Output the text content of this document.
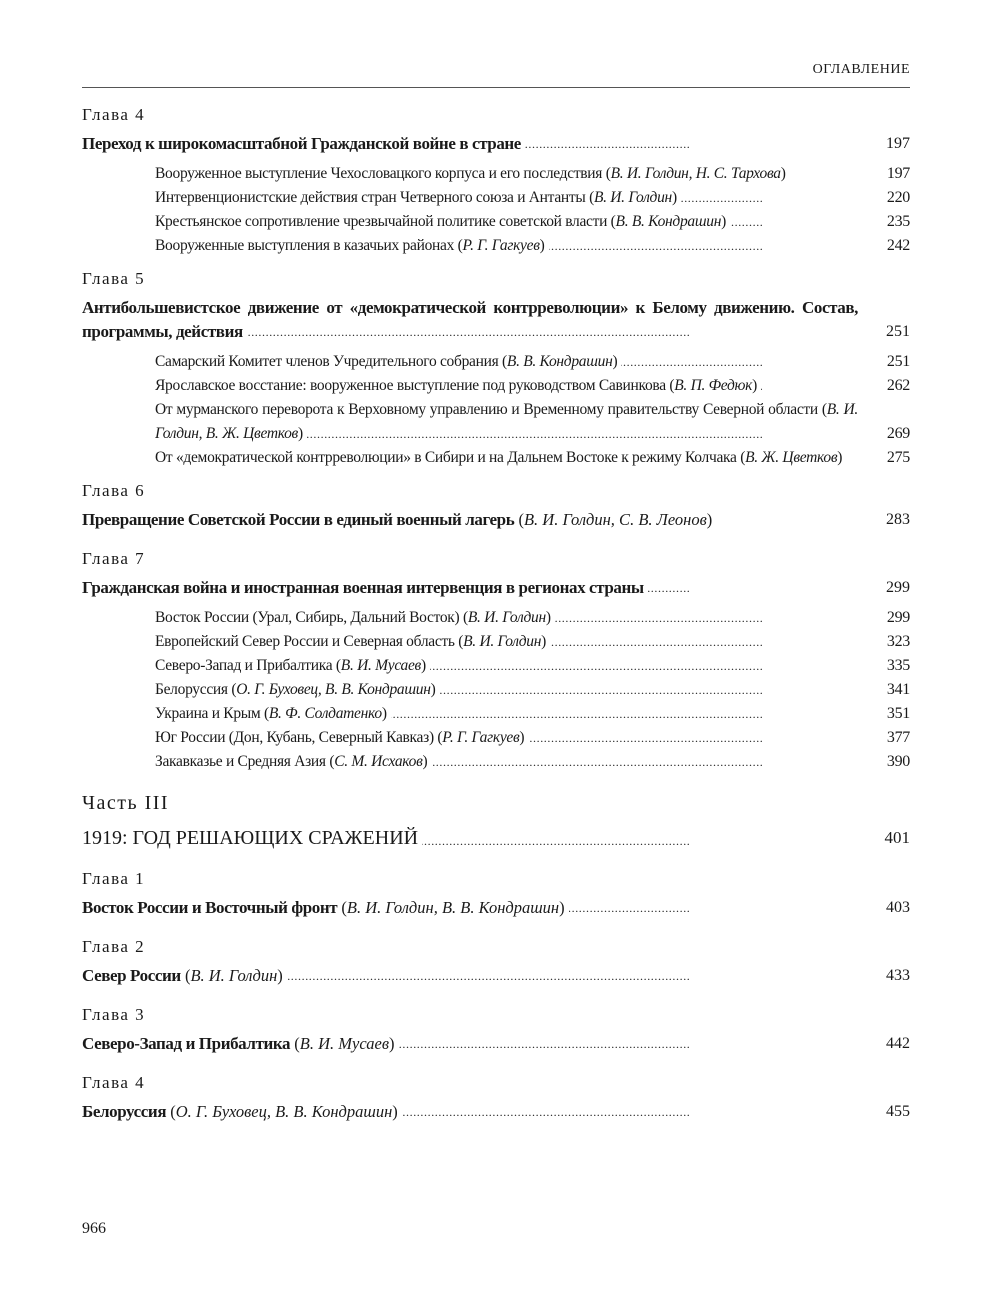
ОГЛАВЛЕНИЕ
Глава 4
. . . Переход к широкомасштабной Гражданской войне в стране	197
. . . Вооруженное выступление Чехословацкого корпуса и его последствия ( В. И. Голдин, Н. С. Тархова )	197
. . . Интервенционистские действия стран Четверного союза и Антанты ( В. И. Голдин )	220
. . . Крестьянское сопротивление чрезвычайной политике советской власти ( В. В. Кондрашин )	235
. . . Вооруженные выступления в казачьих районах ( Р. Г. Гагкуев )	242
Глава 5
. . . Антибольшевистское движение от «демократической контрреволюции» к Белому движению. Состав, программы, действия	251
. . . Самарский Комитет членов Учредительного собрания ( В. В. Кондрашин )	251
. . . Ярославское восстание: вооруженное выступление под руководством Савинкова ( В. П. Федюк )	262
. . . От мурманского переворота к Верховному управлению и Временному правительству Северной области ( В. И. Голдин, В. Ж. Цветков )	269
. . . От «демократической контрреволюции» в Сибири и на Дальнем Востоке к режиму Колчака ( В. Ж. Цветков )	275
Глава 6
. . . Превращение Советской России в единый военный лагерь ( В. И. Голдин, С. В. Леонов )	283
Глава 7
. . . Гражданская война и иностранная военная интервенция в регионах страны	299
. . . Восток России (Урал, Сибирь, Дальний Восток) ( В. И. Голдин )	299
. . . Европейский Север России и Северная область ( В. И. Голдин )	323
. . . Северо-Запад и Прибалтика ( В. И. Мусаев )	335
. . . Белоруссия ( О. Г. Буховец, В. В. Кондрашин )	341
. . . Украина и Крым ( В. Ф. Солдатенко )	351
. . . Юг России (Дон, Кубань, Северный Кавказ) ( Р. Г. Гагкуев )	377
. . . Закавказье и Средняя Азия ( С. М. Исхаков )	390
Часть III
. . . 1919: ГОД РЕШАЮЩИХ СРАЖЕНИЙ	401
Глава 1
. . . Восток России и Восточный фронт ( В. И. Голдин, В. В. Кондрашин )	403
Глава 2
. . . Север России ( В. И. Голдин )	433
Глава 3
. . . Северо-Запад и Прибалтика ( В. И. Мусаев )	442
Глава 4
. . . Белоруссия ( О. Г. Буховец, В. В. Кондрашин )	455
966
